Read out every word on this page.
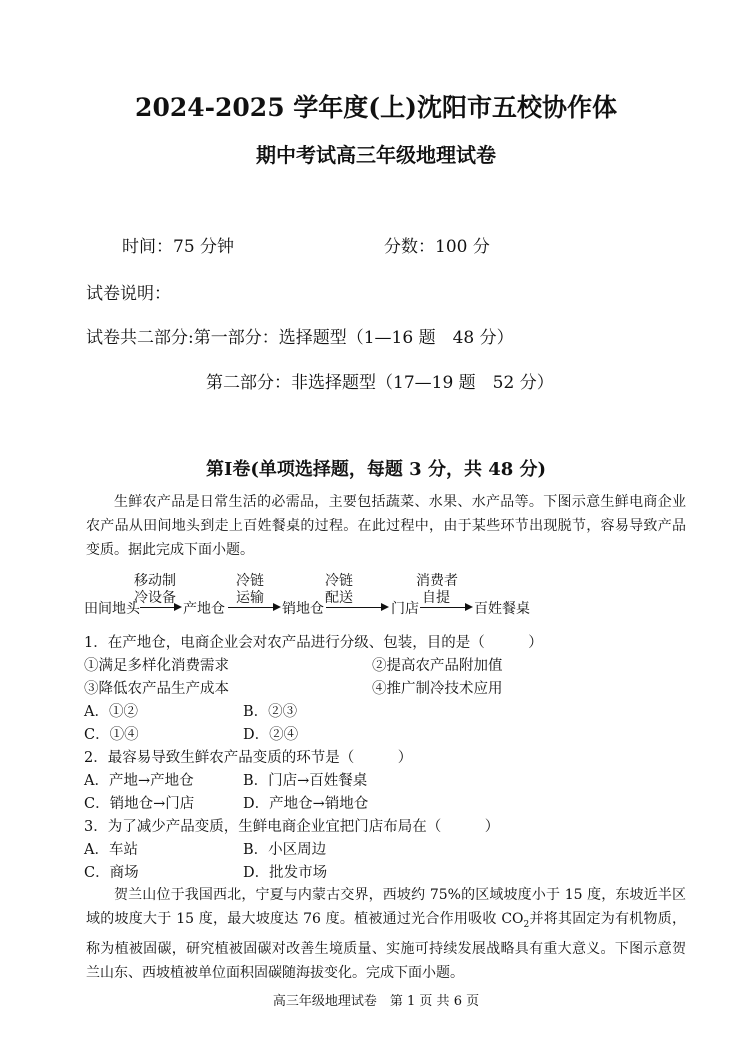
2024-2025 学年度(上)沈阳市五校协作体
期中考试高三年级地理试卷
时间：75 分钟	分数：100 分
试卷说明：
试卷共二部分:第一部分：选择题型（1—16 题　48 分）
第二部分：非选择题型（17—19 题　52 分）
第Ⅰ卷(单项选择题，每题 3 分，共 48 分)
生鲜农产品是日常生活的必需品，主要包括蔬菜、水果、水产品等。下图示意生鲜电商企业农产品从田间地头到走上百姓餐桌的过程。在此过程中，由于某些环节出现脱节，容易导致产品变质。据此完成下面小题。
田间地头	产地仓	销地仓	门店	百姓餐桌
移动制
冷设备
冷链
运输
冷链
配送
消费者
自提
1．在产地仓，电商企业会对农产品进行分级、包装，目的是（　　　）
①满足多样化消费需求	②提高农产品附加值
③降低农产品生产成本	④推广制冷技术应用
A．①②	B．②③
C．①④	D．②④
2．最容易导致生鲜农产品变质的环节是（　　　）
A．产地→产地仓	B．门店→百姓餐桌
C．销地仓→门店	D．产地仓→销地仓
3．为了减少产品变质，生鲜电商企业宜把门店布局在（　　　）
A．车站	B．小区周边
C．商场	D．批发市场
贺兰山位于我国西北，宁夏与内蒙古交界，西坡约 75%的区域坡度小于 15 度，东坡近半区域的坡度大于 15 度，最大坡度达 76 度。植被通过光合作用吸收 $CO_2$并将其固定为有机物质，称为植被固碳，研究植被固碳对改善生境质量、实施可持续发展战略具有重大意义。下图示意贺兰山东、西坡植被单位面积固碳随海拔变化。完成下面小题。
高三年级地理试卷　第 1 页 共 6 页
